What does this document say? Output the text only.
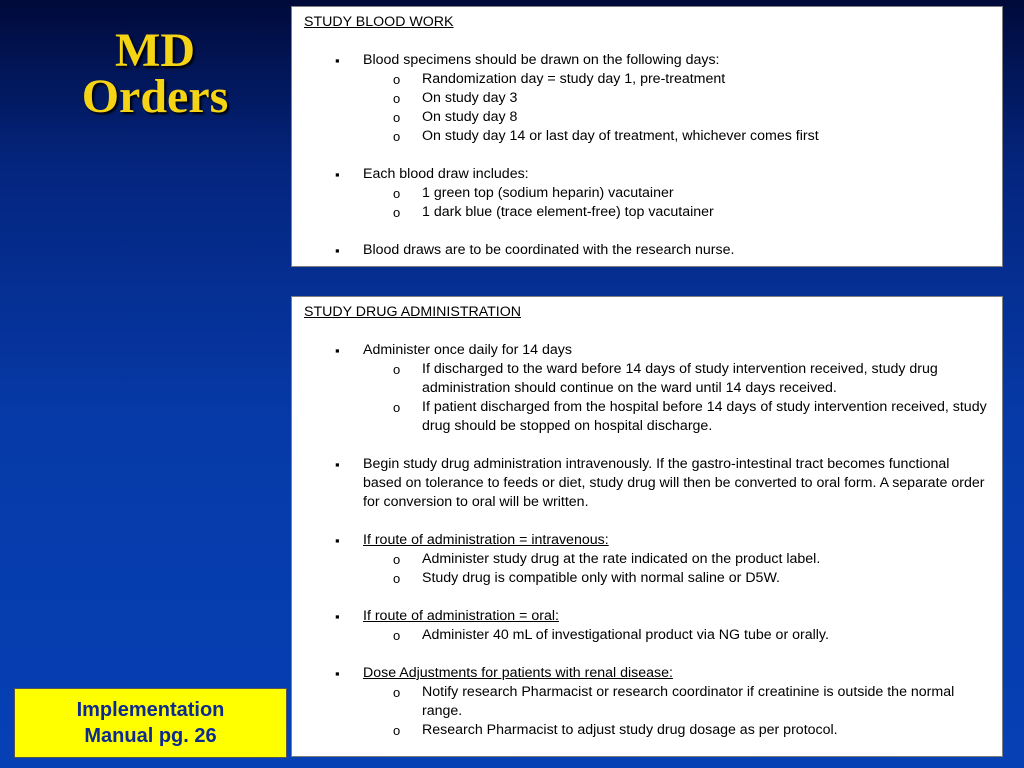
MD
Orders
STUDY BLOOD WORK
▪ Blood specimens should be drawn on the following days:
o Randomization day = study day 1, pre-treatment
o On study day 3
o On study day 8
o On study day 14 or last day of treatment, whichever comes first
▪ Each blood draw includes:
o 1 green top (sodium heparin) vacutainer
o 1 dark blue (trace element-free) top vacutainer
▪ Blood draws are to be coordinated with the research nurse.
STUDY DRUG ADMINISTRATION
▪ Administer once daily for 14 days
o If discharged to the ward before 14 days of study intervention received, study drug administration should continue on the ward until 14 days received.
o If patient discharged from the hospital before 14 days of study intervention received, study drug should be stopped on hospital discharge.
▪ Begin study drug administration intravenously. If the gastro-intestinal tract becomes functional based on tolerance to feeds or diet, study drug will then be converted to oral form. A separate order for conversion to oral will be written.
▪ If route of administration = intravenous:
o Administer study drug at the rate indicated on the product label.
o Study drug is compatible only with normal saline or D5W.
▪ If route of administration = oral:
o Administer 40 mL of investigational product via NG tube or orally.
▪ Dose Adjustments for patients with renal disease:
o Notify research Pharmacist or research coordinator if creatinine is outside the normal range.
o Research Pharmacist to adjust study drug dosage as per protocol.
Implementation
Manual pg. 26
